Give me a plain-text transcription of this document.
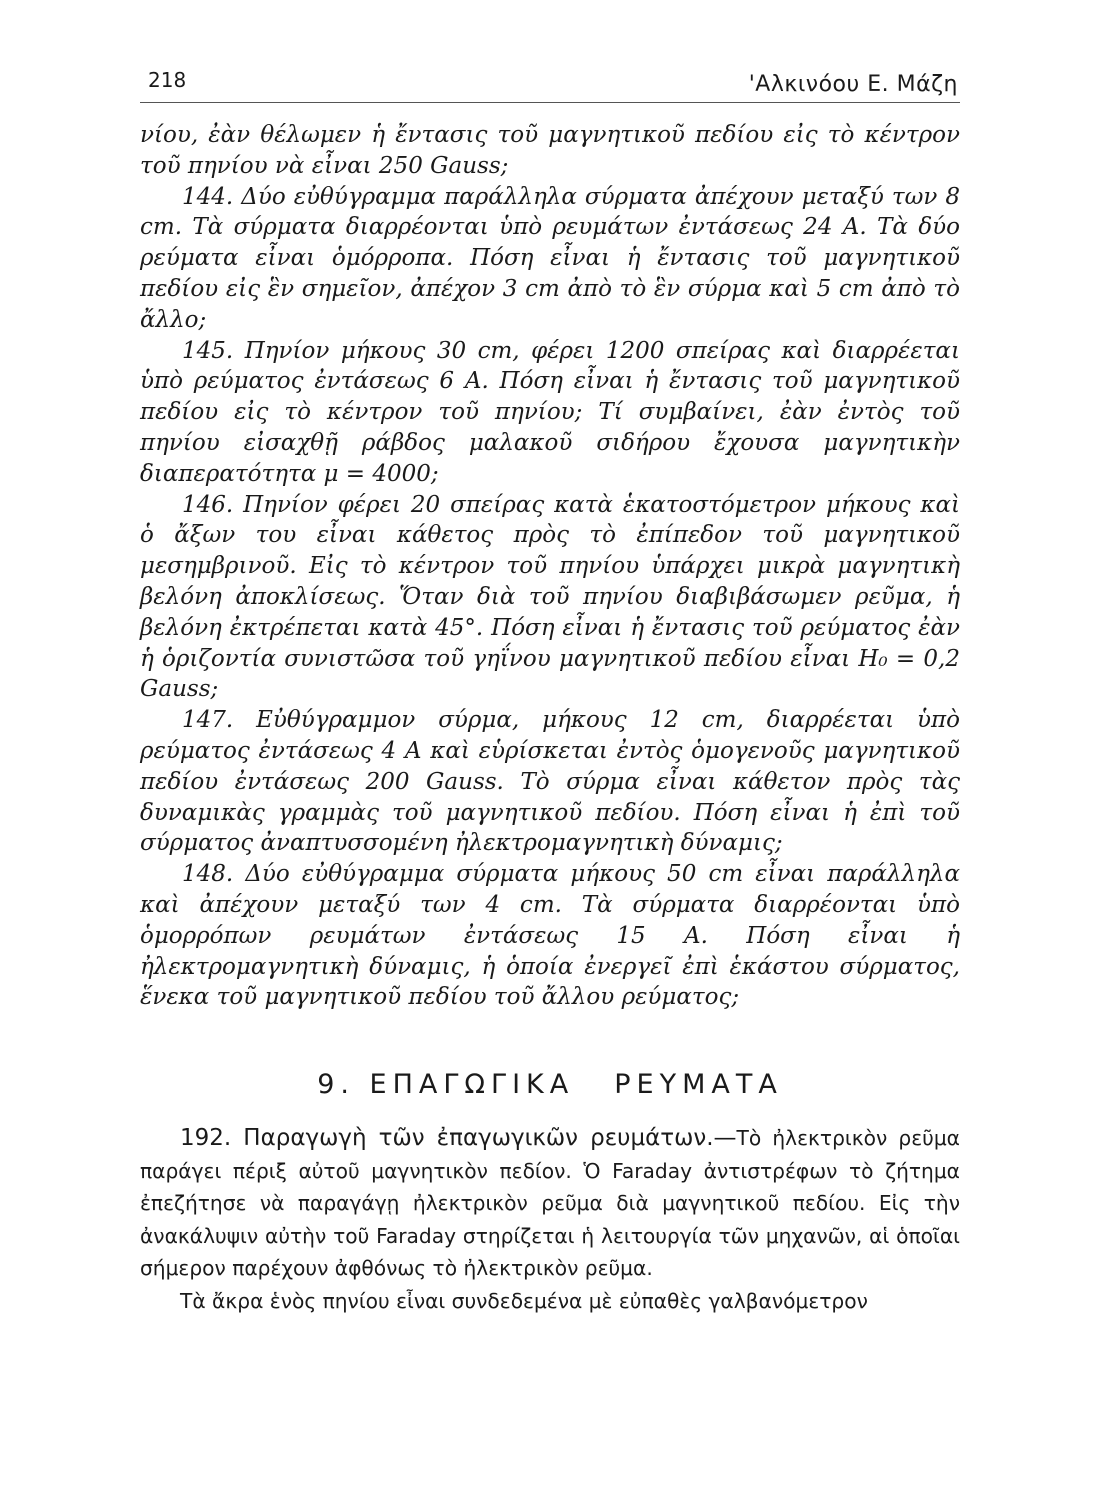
218	'Αλκινόου Ε. Μάζη

νίου, ἐὰν θέλωμεν ἡ ἔντασις τοῦ μαγνητικοῦ πεδίου εἰς τὸ κέντρον τοῦ πηνίου νὰ εἶναι 250 Gauss;

144. Δύο εὐθύγραμμα παράλληλα σύρματα ἀπέχουν μεταξύ των 8 cm. Τὰ σύρματα διαρρέονται ὑπὸ ρευμάτων ἐντάσεως 24 Α. Τὰ δύο ρεύματα εἶναι ὁμόρροπα. Πόση εἶναι ἡ ἔντασις τοῦ μαγνητικοῦ πεδίου εἰς ἓν σημεῖον, ἀπέχον 3 cm ἀπὸ τὸ ἓν σύρμα καὶ 5 cm ἀπὸ τὸ ἄλλο;

145. Πηνίον μήκους 30 cm, φέρει 1200 σπείρας καὶ διαρρέεται ὑπὸ ρεύματος ἐντάσεως 6 Α. Πόση εἶναι ἡ ἔντασις τοῦ μαγνητικοῦ πεδίου εἰς τὸ κέντρον τοῦ πηνίου; Τί συμβαίνει, ἐὰν ἐντὸς τοῦ πηνίου εἰσαχθῇ ράβδος μαλακοῦ σιδήρου ἔχουσα μαγνητικὴν διαπερατότητα μ = 4000;

146. Πηνίον φέρει 20 σπείρας κατὰ ἑκατοστόμετρον μήκους καὶ ὁ ἄξων του εἶναι κάθετος πρὸς τὸ ἐπίπεδον τοῦ μαγνητικοῦ μεσημβρινοῦ. Εἰς τὸ κέντρον τοῦ πηνίου ὑπάρχει μικρὰ μαγνητικὴ βελόνη ἀποκλίσεως. Ὅταν διὰ τοῦ πηνίου διαβιβάσωμεν ρεῦμα, ἡ βελόνη ἐκτρέπεται κατὰ 45°. Πόση εἶναι ἡ ἔντασις τοῦ ρεύματος ἐὰν ἡ ὁριζοντία συνιστῶσα τοῦ γηΐνου μαγνητικοῦ πεδίου εἶναι H₀ = 0,2 Gauss;

147. Εὐθύγραμμον σύρμα, μήκους 12 cm, διαρρέεται ὑπὸ ρεύματος ἐντάσεως 4 Α καὶ εὑρίσκεται ἐντὸς ὁμογενοῦς μαγνητικοῦ πεδίου ἐντάσεως 200 Gauss. Τὸ σύρμα εἶναι κάθετον πρὸς τὰς δυναμικὰς γραμμὰς τοῦ μαγνητικοῦ πεδίου. Πόση εἶναι ἡ ἐπὶ τοῦ σύρματος ἀναπτυσσομένη ἠλεκτρομαγνητικὴ δύναμις;

148. Δύο εὐθύγραμμα σύρματα μήκους 50 cm εἶναι παράλληλα καὶ ἀπέχουν μεταξύ των 4 cm. Τὰ σύρματα διαρρέονται ὑπὸ ὁμορρόπων ρευμάτων ἐντάσεως 15 Α. Πόση εἶναι ἡ ἠλεκτρομαγνητικὴ δύναμις, ἡ ὁποία ἐνεργεῖ ἐπὶ ἑκάστου σύρματος, ἕνεκα τοῦ μαγνητικοῦ πεδίου τοῦ ἄλλου ρεύματος;

9. ΕΠΑΓΩΓΙΚΑ ΡΕΥΜΑΤΑ

192. Παραγωγὴ τῶν ἐπαγωγικῶν ρευμάτων.—Τὸ ἠλεκτρικὸν ρεῦμα παράγει πέριξ αὐτοῦ μαγνητικὸν πεδίον. Ὁ Faraday ἀντιστρέφων τὸ ζήτημα ἐπεζήτησε νὰ παραγάγῃ ἠλεκτρικὸν ρεῦμα διὰ μαγνητικοῦ πεδίου. Εἰς τὴν ἀνακάλυψιν αὐτὴν τοῦ Faraday στηρίζεται ἡ λειτουργία τῶν μηχανῶν, αἱ ὁποῖαι σήμερον παρέχουν ἀφθόνως τὸ ἠλεκτρικὸν ρεῦμα.

Τὰ ἄκρα ἑνὸς πηνίου εἶναι συνδεδεμένα μὲ εὐπαθὲς γαλβανόμετρον
